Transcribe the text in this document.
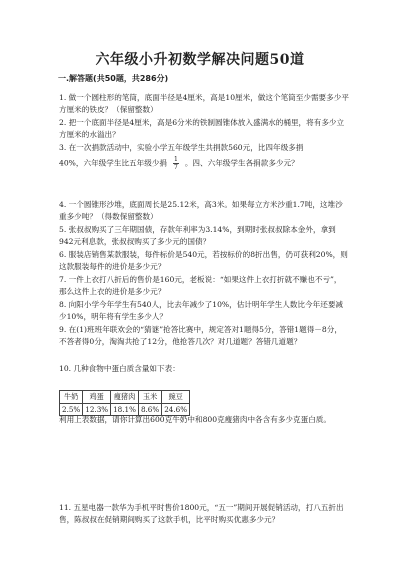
六年级小升初数学解决问题50道
一.解答题(共50题，共286分)
1. 做一个圆柱形的笔筒，底面半径是4厘米，高是10厘米，做这个笔筒至少需要多少平方厘米的铁皮？（保留整数）
2. 把一个底面半径是4厘米，高是6分米的铁制圆锥体放入盛满水的桶里，将有多少立方厘米的水溢出？
3. 在一次捐款活动中，实验小学五年级学生共捐款560元，比四年级多捐
40%，六年级学生比五年级少捐 $\frac{1}{7}$ 。四、六年级学生各捐款多少元？
4. 一个圆锥形沙堆，底面周长是25.12米，高3米。如果每立方米沙重1.7吨，这堆沙重多少吨？（得数保留整数）
5. 张叔叔购买了三年期国债，存款年利率为3.14%，到期时张叔叔除本金外，拿到942元利息款，张叔叔购买了多少元的国债？
6. 服装店销售某款服装，每件标价是540元，若按标价的8折出售，仍可获利20%，则这款服装每件的进价是多少元？
7. 一件上衣打八折后的售价是160元，老板说：“如果这件上衣打折就不赚也不亏”，那么这件上衣的进价是多少元？
8. 向阳小学今年学生有540人，比去年减少了10%，估计明年学生人数比今年还要减少10%，明年将有学生多少人？
9. 在(1)班班年联欢会的“猜谜”抢答比赛中，规定答对1题得5分，答错1题得－8分，不答者得0分，淘淘共抢了12分，他抢答几次？对几道题？答错几道题？
10. 几种食物中蛋白质含量如下表：
牛奶	鸡蛋	瘦猪肉	玉米	豌豆
2.5%	12.3%	18.1%	8.6%	24.6%
利用上表数据，请你计算出600克牛奶中和800克瘦猪肉中各含有多少克蛋白质。
11. 五星电器一款华为手机平时售价1800元，“五一”期间开展促销活动，打八五折出售，陈叔叔在促销期间购买了这款手机，比平时购买优惠多少元？
